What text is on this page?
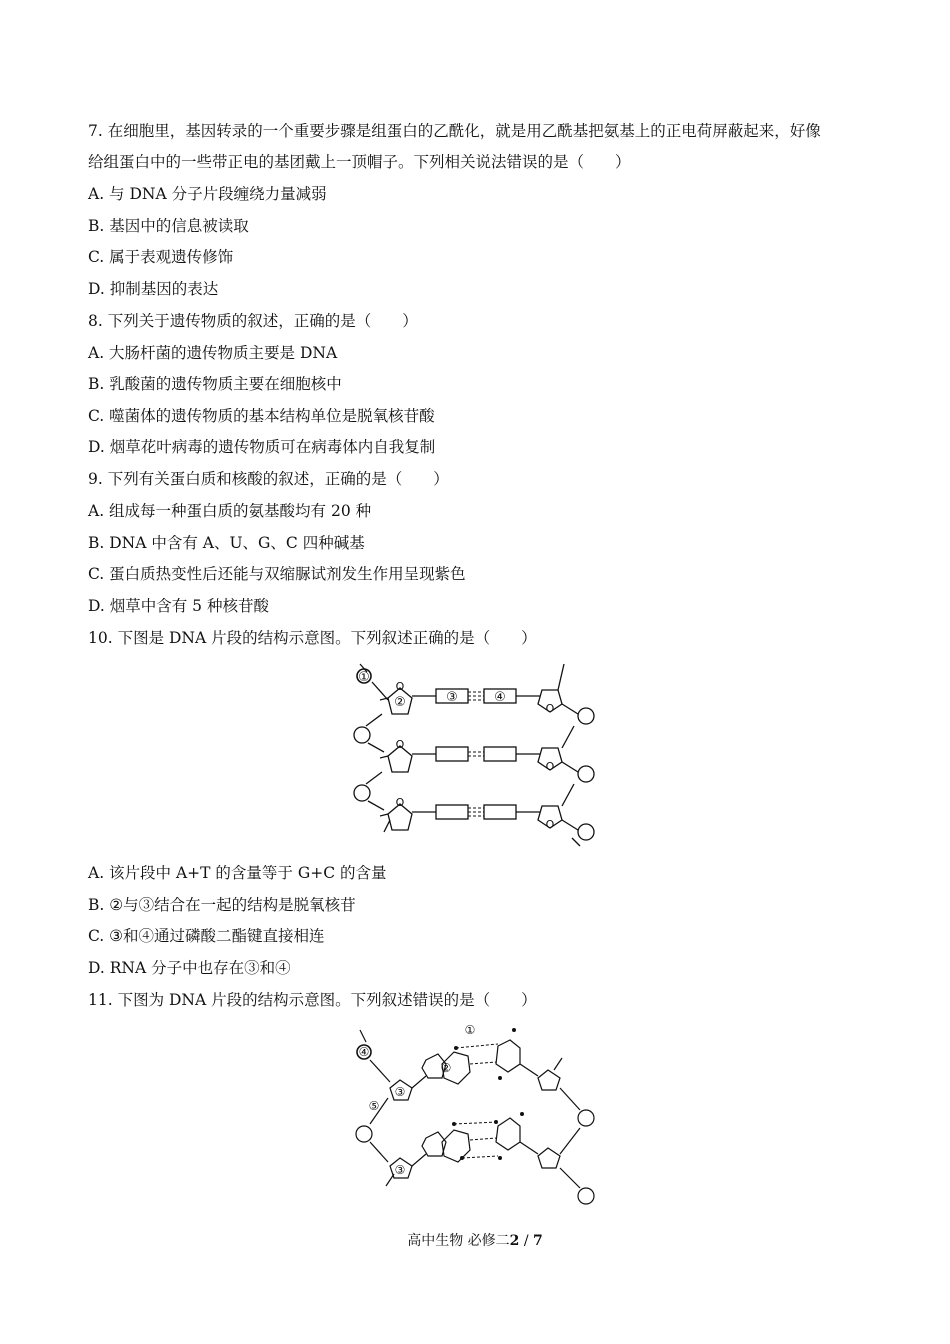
7. 在细胞里，基因转录的一个重要步骤是组蛋白的乙酰化，就是用乙酰基把氨基上的正电荷屏蔽起来，好像
给组蛋白中的一些带正电的基团戴上一顶帽子。下列相关说法错误的是（　　）
A. 与 DNA 分子片段缠绕力量减弱
B. 基因中的信息被读取
C. 属于表观遗传修饰
D. 抑制基因的表达
8. 下列关于遗传物质的叙述，正确的是（　　）
A. 大肠杆菌的遗传物质主要是 DNA
B. 乳酸菌的遗传物质主要在细胞核中
C. 噬菌体的遗传物质的基本结构单位是脱氧核苷酸
D. 烟草花叶病毒的遗传物质可在病毒体内自我复制
9. 下列有关蛋白质和核酸的叙述，正确的是（　　）
A. 组成每一种蛋白质的氨基酸均有 20 种
B. DNA 中含有 A、U、G、C 四种碱基
C. 蛋白质热变性后还能与双缩脲试剂发生作用呈现紫色
D. 烟草中含有 5 种核苷酸
10. 下图是 DNA 片段的结构示意图。下列叙述正确的是（　　）
O
O
O
O
O
O
①
②	③	④
A. 该片段中 A+T 的含量等于 G+C 的含量
B. ②与③结合在一起的结构是脱氧核苷
C. ③和④通过磷酸二酯键直接相连
D. RNA 分子中也存在③和④
11. 下图为 DNA 片段的结构示意图。下列叙述错误的是（　　）
①
②
③
④
⑤
③
高中生物 必修二2 / 7
